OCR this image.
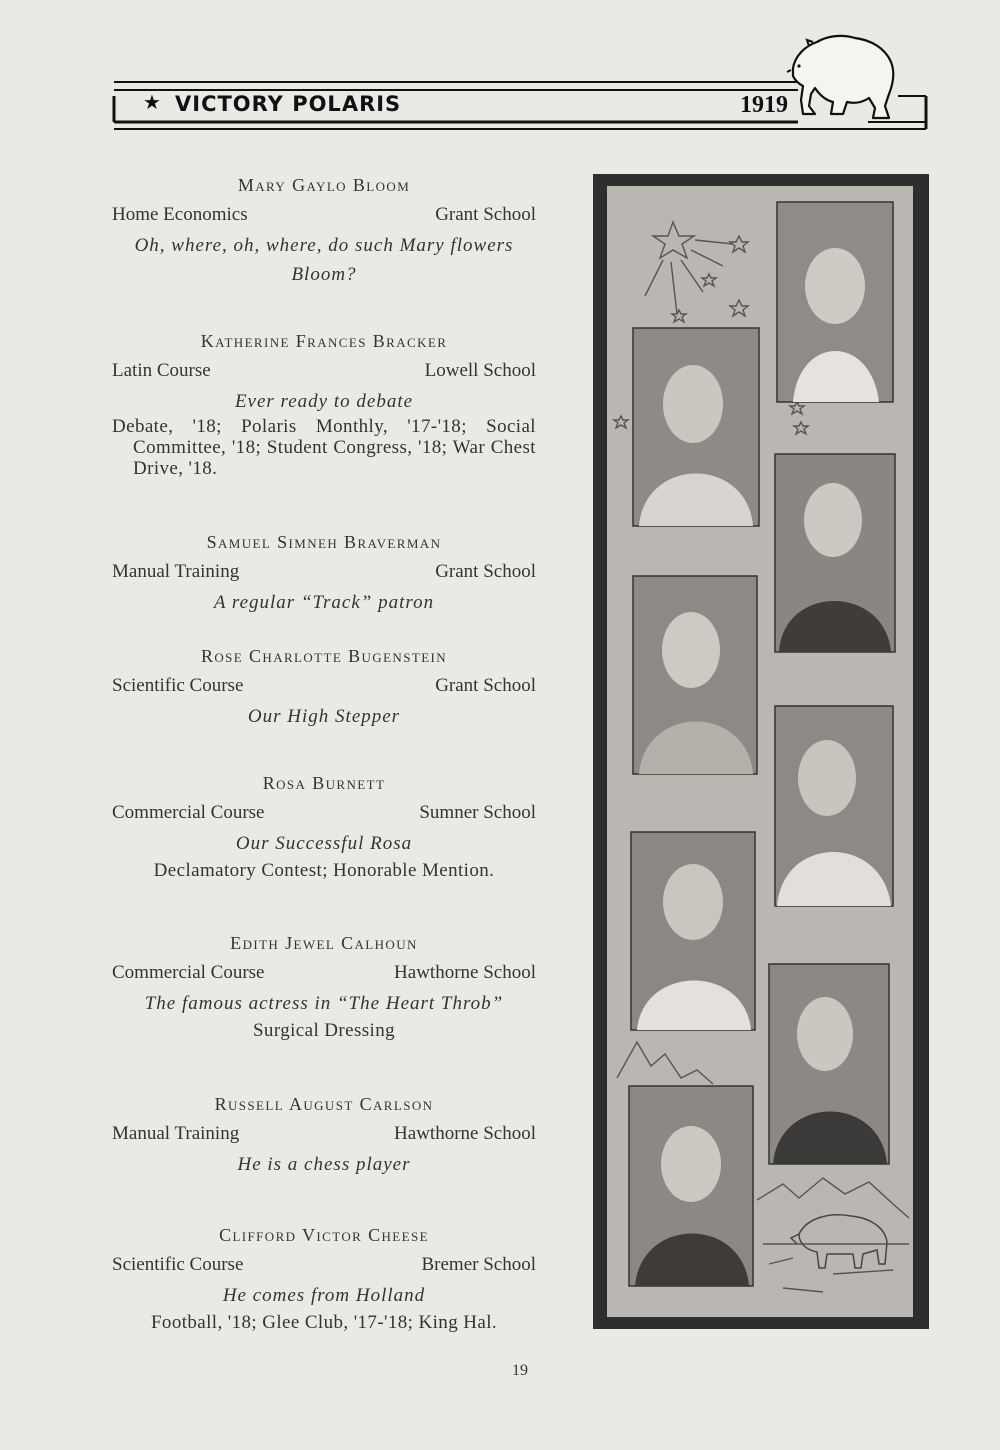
★ VICTORY POLARIS	1919
Mary Gaylo Bloom
Home Economics	Grant School
Oh, where, oh, where, do such Mary flowers
Bloom?
Katherine Frances Bracker
Latin Course	Lowell School
Ever ready to debate
Debate, '18; Polaris Monthly, '17-'18; Social Committee, '18; Student Congress, '18; War Chest Drive, '18.
Samuel Simneh Braverman
Manual Training	Grant School
A regular “Track” patron
Rose Charlotte Bugenstein
Scientific Course	Grant School
Our High Stepper
Rosa Burnett
Commercial Course	Sumner School
Our Successful Rosa
Declamatory Contest; Honorable Mention.
Edith Jewel Calhoun
Commercial Course	Hawthorne School
The famous actress in “The Heart Throb”
Surgical Dressing
Russell August Carlson
Manual Training	Hawthorne School
He is a chess player
Clifford Victor Cheese
Scientific Course	Bremer School
He comes from Holland
Football, '18; Glee Club, '17-'18; King Hal.
19
